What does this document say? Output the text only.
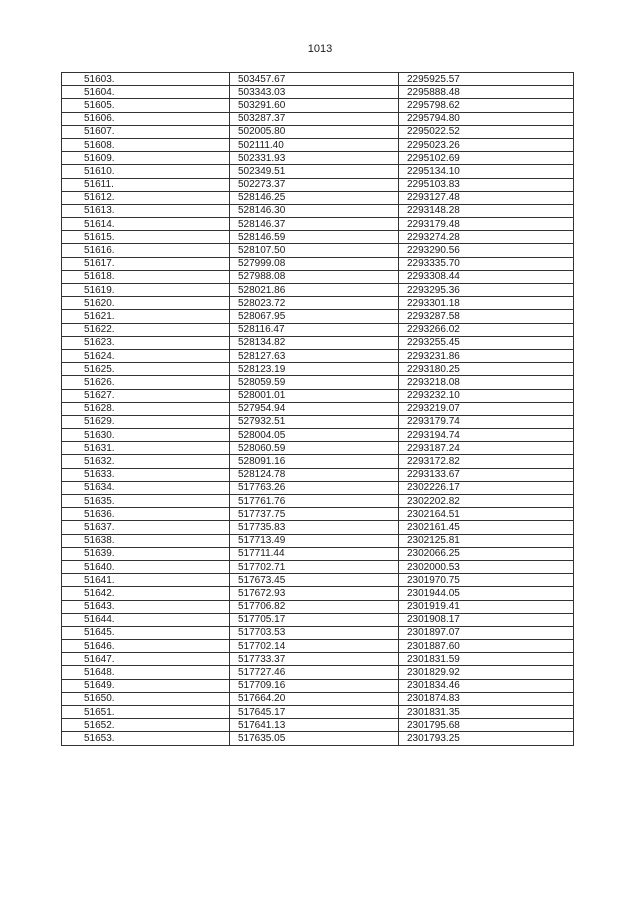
1013
51603.	503457.67	2295925.57
51604.	503343.03	2295888.48
51605.	503291.60	2295798.62
51606.	503287.37	2295794.80
51607.	502005.80	2295022.52
51608.	502111.40	2295023.26
51609.	502331.93	2295102.69
51610.	502349.51	2295134.10
51611.	502273.37	2295103.83
51612.	528146.25	2293127.48
51613.	528146.30	2293148.28
51614.	528146.37	2293179.48
51615.	528146.59	2293274.28
51616.	528107.50	2293290.56
51617.	527999.08	2293335.70
51618.	527988.08	2293308.44
51619.	528021.86	2293295.36
51620.	528023.72	2293301.18
51621.	528067.95	2293287.58
51622.	528116.47	2293266.02
51623.	528134.82	2293255.45
51624.	528127.63	2293231.86
51625.	528123.19	2293180.25
51626.	528059.59	2293218.08
51627.	528001.01	2293232.10
51628.	527954.94	2293219.07
51629.	527932.51	2293179.74
51630.	528004.05	2293194.74
51631.	528060.59	2293187.24
51632.	528091.16	2293172.82
51633.	528124.78	2293133.67
51634.	517763.26	2302226.17
51635.	517761.76	2302202.82
51636.	517737.75	2302164.51
51637.	517735.83	2302161.45
51638.	517713.49	2302125.81
51639.	517711.44	2302066.25
51640.	517702.71	2302000.53
51641.	517673.45	2301970.75
51642.	517672.93	2301944.05
51643.	517706.82	2301919.41
51644.	517705.17	2301908.17
51645.	517703.53	2301897.07
51646.	517702.14	2301887.60
51647.	517733.37	2301831.59
51648.	517727.46	2301829.92
51649.	517709.16	2301834.46
51650.	517664.20	2301874.83
51651.	517645.17	2301831.35
51652.	517641.13	2301795.68
51653.	517635.05	2301793.25
